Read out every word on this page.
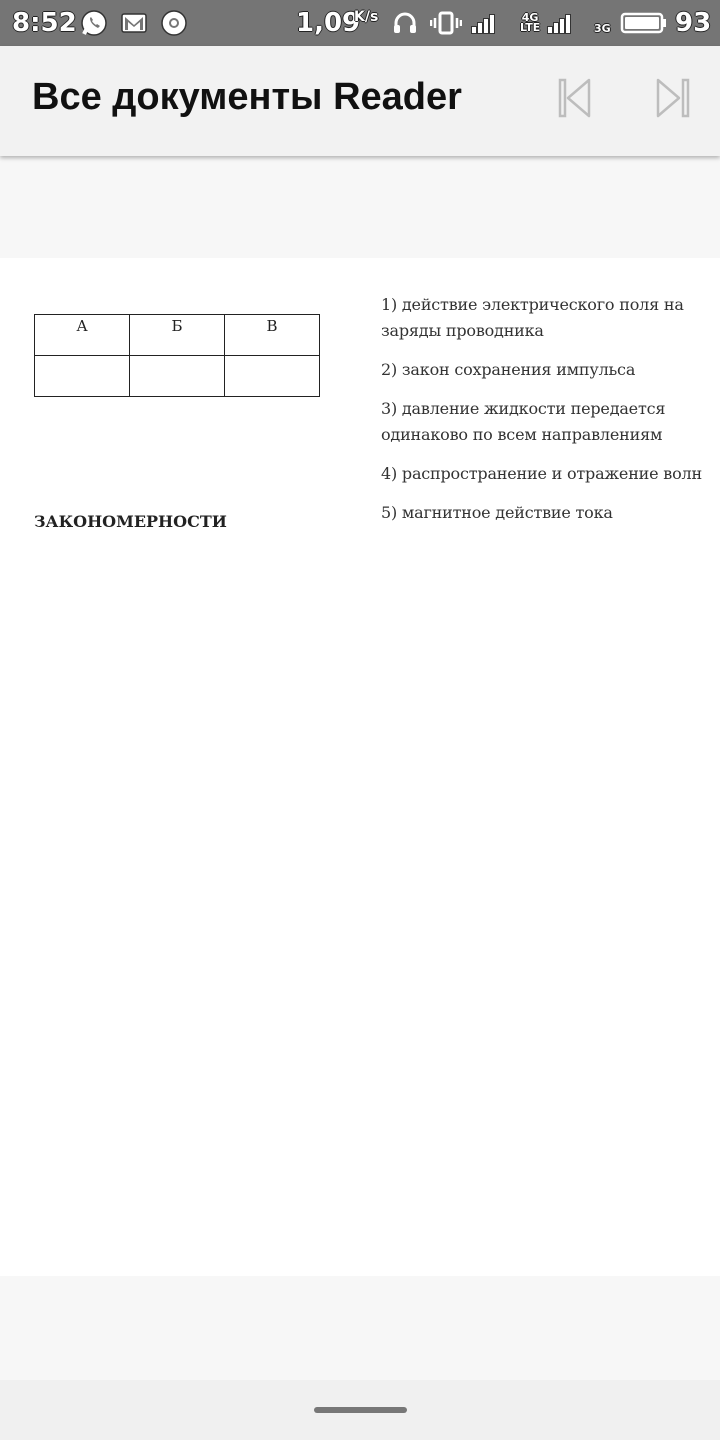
8:52	1,09
K/s	4G
LTE	3G 93
Все документы Reader
А	Б	В

ЗАКОНОМЕРНОСТИ
1) действие электрического поля на заряды проводника
2) закон сохранения импульса
3) давление жидкости передается одинаково по всем направлениям
4) распространение и отражение волн
5) магнитное действие тока
